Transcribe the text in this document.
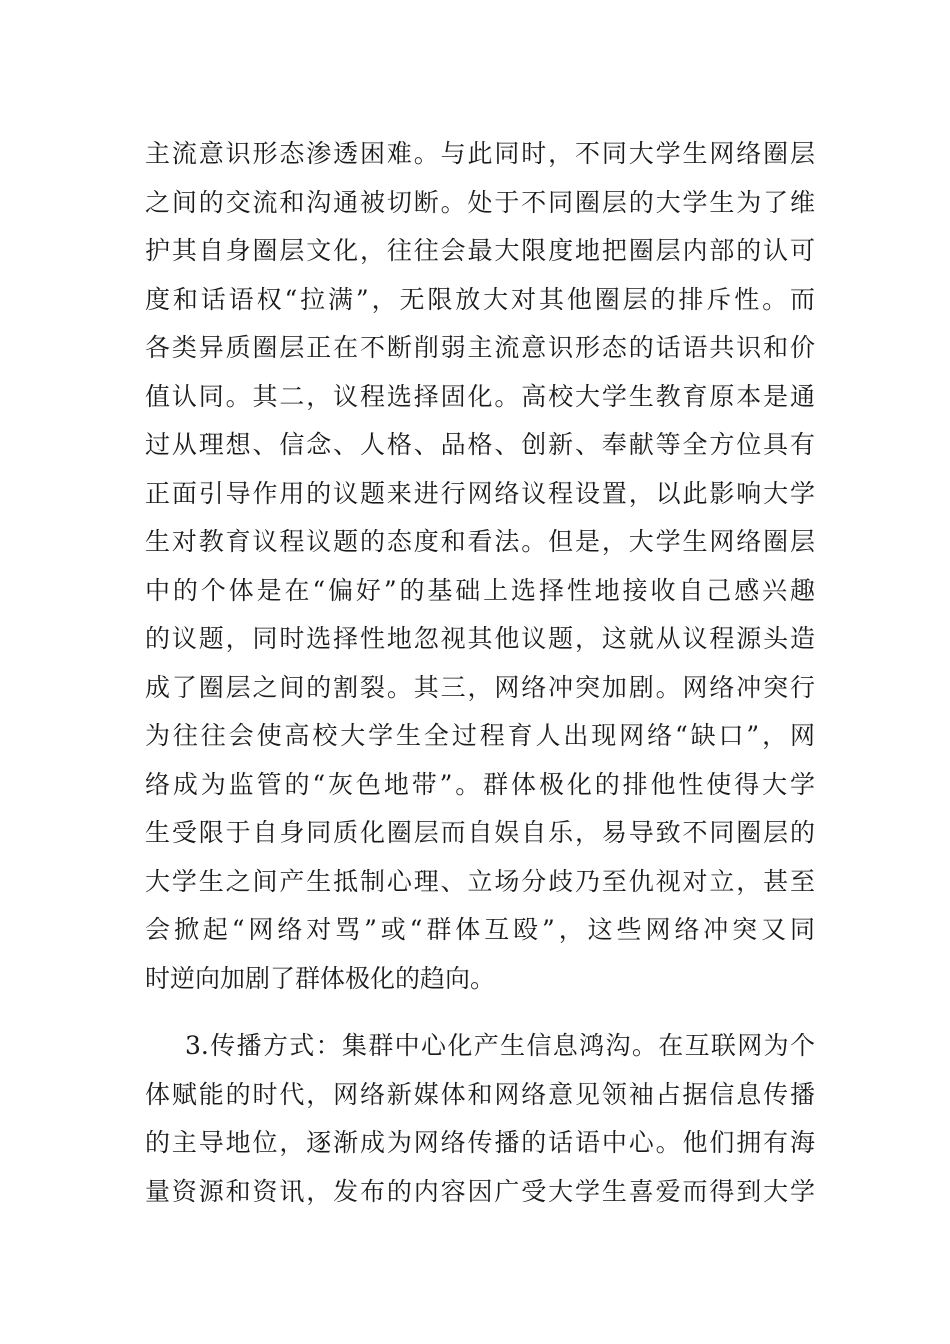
主流意识形态渗透困难。与此同时，不同大学生网络圈层
之间的交流和沟通被切断。处于不同圈层的大学生为了维
护其自身圈层文化，往往会最大限度地把圈层内部的认可
度和话语权“拉满”，无限放大对其他圈层的排斥性。而
各类异质圈层正在不断削弱主流意识形态的话语共识和价
值认同。其二，议程选择固化。高校大学生教育原本是通
过从理想、信念、人格、品格、创新、奉献等全方位具有
正面引导作用的议题来进行网络议程设置，以此影响大学
生对教育议程议题的态度和看法。但是，大学生网络圈层
中的个体是在“偏好”的基础上选择性地接收自己感兴趣
的议题，同时选择性地忽视其他议题，这就从议程源头造
成了圈层之间的割裂。其三，网络冲突加剧。网络冲突行
为往往会使高校大学生全过程育人出现网络“缺口”，网
络成为监管的“灰色地带”。群体极化的排他性使得大学
生受限于自身同质化圈层而自娱自乐，易导致不同圈层的
大学生之间产生抵制心理、立场分歧乃至仇视对立，甚至
会掀起“网络对骂”或“群体互殴”，这些网络冲突又同
时逆向加剧了群体极化的趋向。
3.传播方式：集群中心化产生信息鸿沟。在互联网为个
体赋能的时代，网络新媒体和网络意见领袖占据信息传播
的主导地位，逐渐成为网络传播的话语中心。他们拥有海
量资源和资讯，发布的内容因广受大学生喜爱而得到大学
